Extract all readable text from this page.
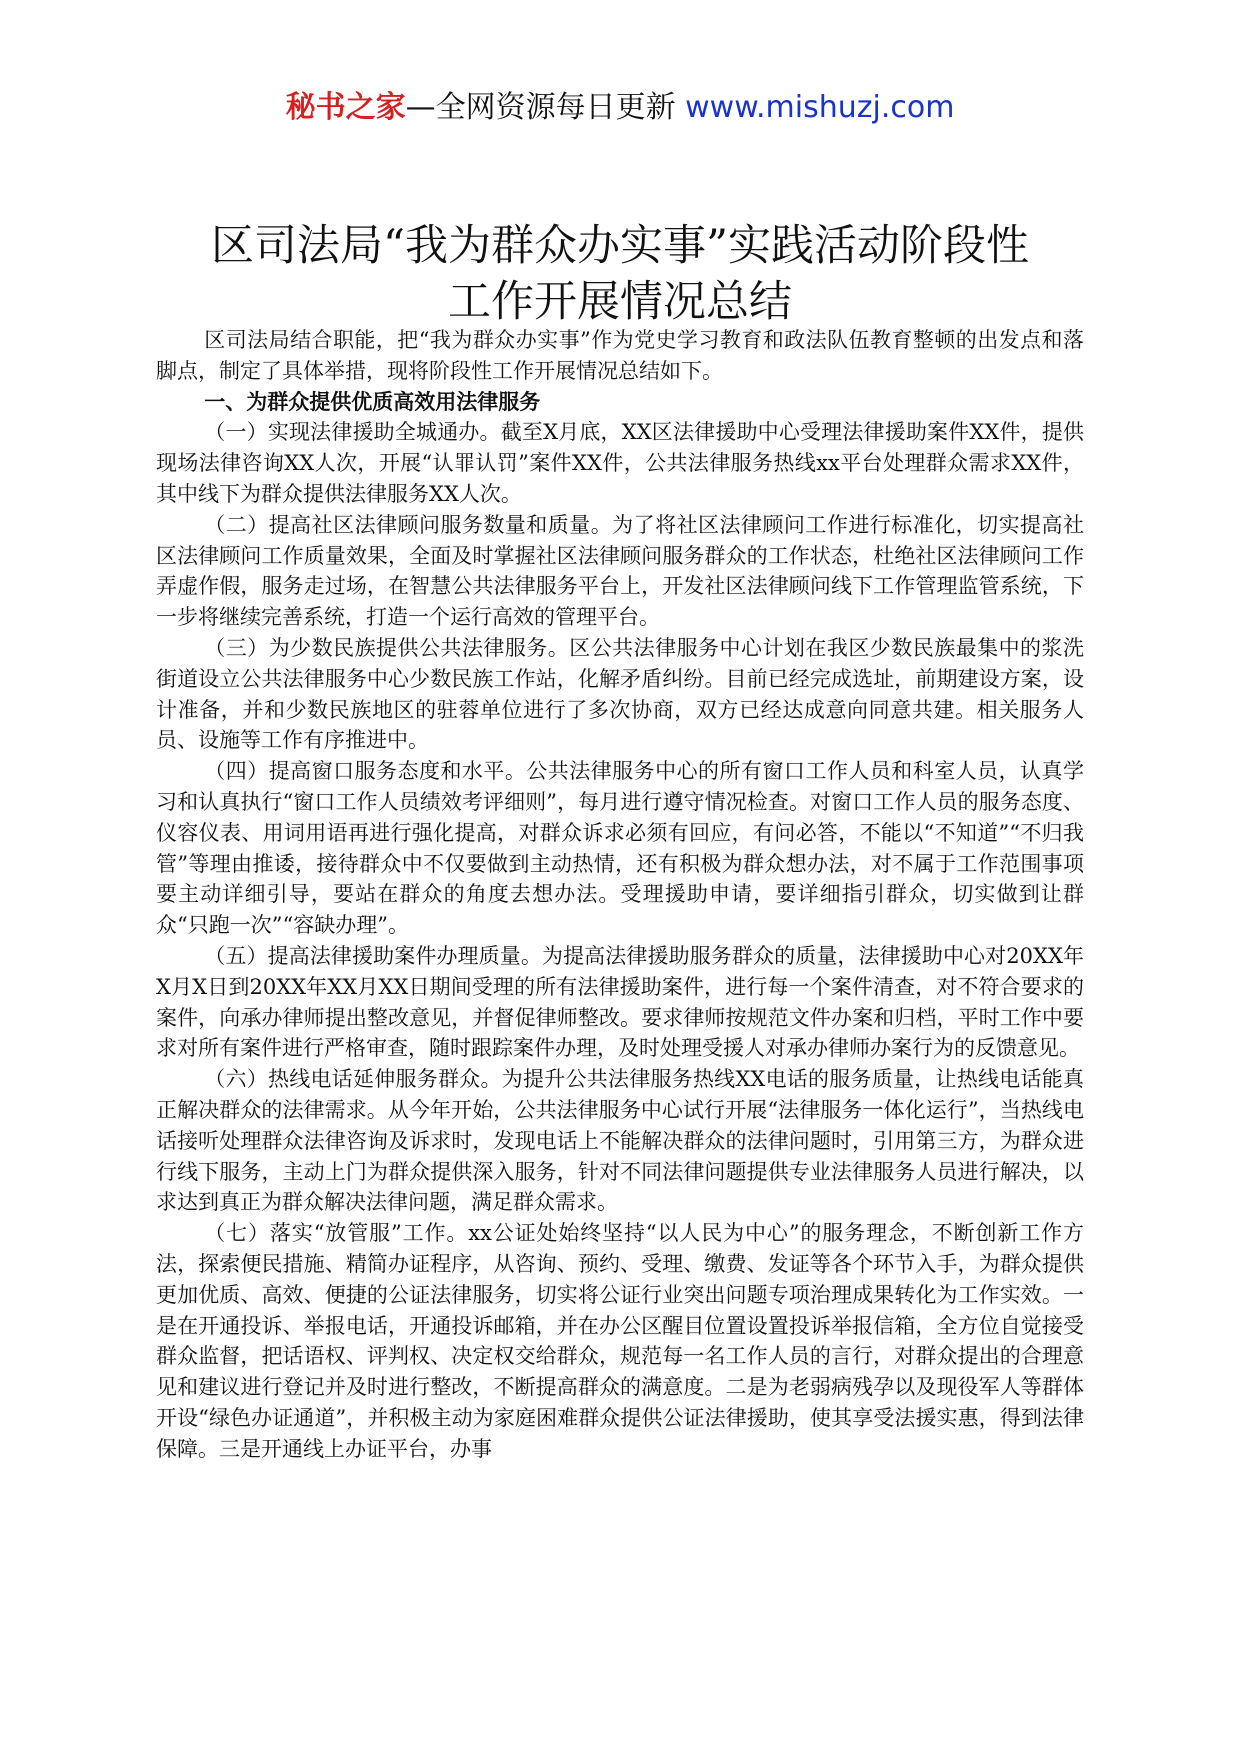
秘书之家—全网资源每日更新 www.mishuzj.com
区司法局“我为群众办实事”实践活动阶段性
工作开展情况总结

区司法局结合职能，把“我为群众办实事”作为党史学习教育和政法队伍教育整顿的出发点和落脚点，制定了具体举措，现将阶段性工作开展情况总结如下。

一、为群众提供优质高效用法律服务

（一）实现法律援助全城通办。截至X月底，XX区法律援助中心受理法律援助案件XX件，提供现场法律咨询XX人次，开展“认罪认罚”案件XX件，公共法律服务热线xx平台处理群众需求XX件，其中线下为群众提供法律服务XX人次。

（二）提高社区法律顾问服务数量和质量。为了将社区法律顾问工作进行标准化，切实提高社区法律顾问工作质量效果，全面及时掌握社区法律顾问服务群众的工作状态，杜绝社区法律顾问工作弄虚作假，服务走过场，在智慧公共法律服务平台上，开发社区法律顾问线下工作管理监管系统，下一步将继续完善系统，打造一个运行高效的管理平台。

（三）为少数民族提供公共法律服务。区公共法律服务中心计划在我区少数民族最集中的浆洗街道设立公共法律服务中心少数民族工作站，化解矛盾纠纷。目前已经完成选址，前期建设方案，设计准备，并和少数民族地区的驻蓉单位进行了多次协商，双方已经达成意向同意共建。相关服务人员、设施等工作有序推进中。

（四）提高窗口服务态度和水平。公共法律服务中心的所有窗口工作人员和科室人员，认真学习和认真执行“窗口工作人员绩效考评细则”，每月进行遵守情况检查。对窗口工作人员的服务态度、仪容仪表、用词用语再进行强化提高，对群众诉求必须有回应，有问必答，不能以“不知道”“不归我管”等理由推诿，接待群众中不仅要做到主动热情，还有积极为群众想办法，对不属于工作范围事项要主动详细引导，要站在群众的角度去想办法。受理援助申请，要详细指引群众，切实做到让群众“只跑一次”“容缺办理”。

（五）提高法律援助案件办理质量。为提高法律援助服务群众的质量，法律援助中心对20XX年X月X日到20XX年XX月XX日期间受理的所有法律援助案件，进行每一个案件清查，对不符合要求的案件，向承办律师提出整改意见，并督促律师整改。要求律师按规范文件办案和归档，平时工作中要求对所有案件进行严格审查，随时跟踪案件办理，及时处理受援人对承办律师办案行为的反馈意见。

（六）热线电话延伸服务群众。为提升公共法律服务热线XX电话的服务质量，让热线电话能真正解决群众的法律需求。从今年开始，公共法律服务中心试行开展“法律服务一体化运行”，当热线电话接听处理群众法律咨询及诉求时，发现电话上不能解决群众的法律问题时，引用第三方，为群众进行线下服务，主动上门为群众提供深入服务，针对不同法律问题提供专业法律服务人员进行解决，以求达到真正为群众解决法律问题，满足群众需求。

（七）落实“放管服”工作。xx公证处始终坚持“以人民为中心”的服务理念，不断创新工作方法，探索便民措施、精简办证程序，从咨询、预约、受理、缴费、发证等各个环节入手，为群众提供更加优质、高效、便捷的公证法律服务，切实将公证行业突出问题专项治理成果转化为工作实效。一是在开通投诉、举报电话，开通投诉邮箱，并在办公区醒目位置设置投诉举报信箱，全方位自觉接受群众监督，把话语权、评判权、决定权交给群众，规范每一名工作人员的言行，对群众提出的合理意见和建议进行登记并及时进行整改，不断提高群众的满意度。二是为老弱病残孕以及现役军人等群体开设“绿色办证通道”，并积极主动为家庭困难群众提供公证法律援助，使其享受法援实惠，得到法律保障。三是开通线上办证平台，办事
